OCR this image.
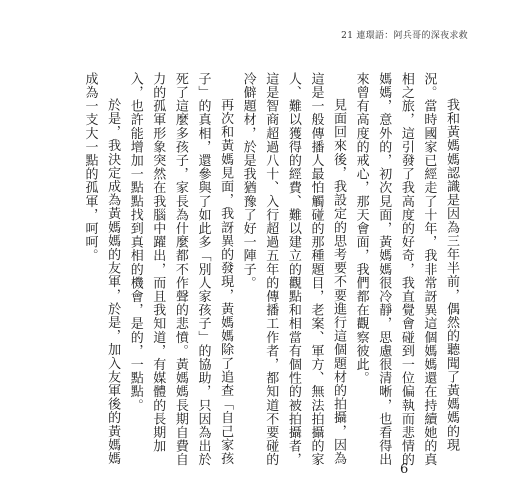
21 連環語：阿兵哥的深夜求救

我和黃媽媽認識是因為三年半前，偶然的聽聞了黃媽媽的現況。當時國家已經走了十年，我非常訝異這個媽媽還在持續她的真相之旅，這引發了我高度的好奇，我直覺會碰到一位偏執而悲情的媽媽，意外的，初次見面，黃媽媽很冷靜，思慮很清晰，也看得出來曾有高度的戒心，那天會面，我們都在觀察彼此。

見面回來後，我設定的思考要不要進行這個題材的拍攝，因為這是一般傳播人最怕觸碰的那種題目，老案、軍方、無法拍攝的家人、難以獲得的經費、難以建立的觀點和相當有個性的被拍攝者，這是智商超過八十、入行超過五年的傳播工作者，都知道不要碰的冷僻題材，於是我猶豫了好一陣子。

再次和黃媽見面，我訝異的發現，黃媽媽除了追查「自己家孩子」的真相，還參與了如此多「別人家孩子」的協助，只因為出於死了這麼多孩子，家長為什麼都不作聲的悲憤。黃媽媽長期自費自力的孤軍形象突然在我腦中躍出，而且我知道，有媒體的長期加入，也許能增加一點點找到真相的機會，是的，一點點。

於是，我決定成為黃媽媽的友軍，於是，加入友軍後的黃媽媽成為一支大一點的孤軍，呵呵。

6
